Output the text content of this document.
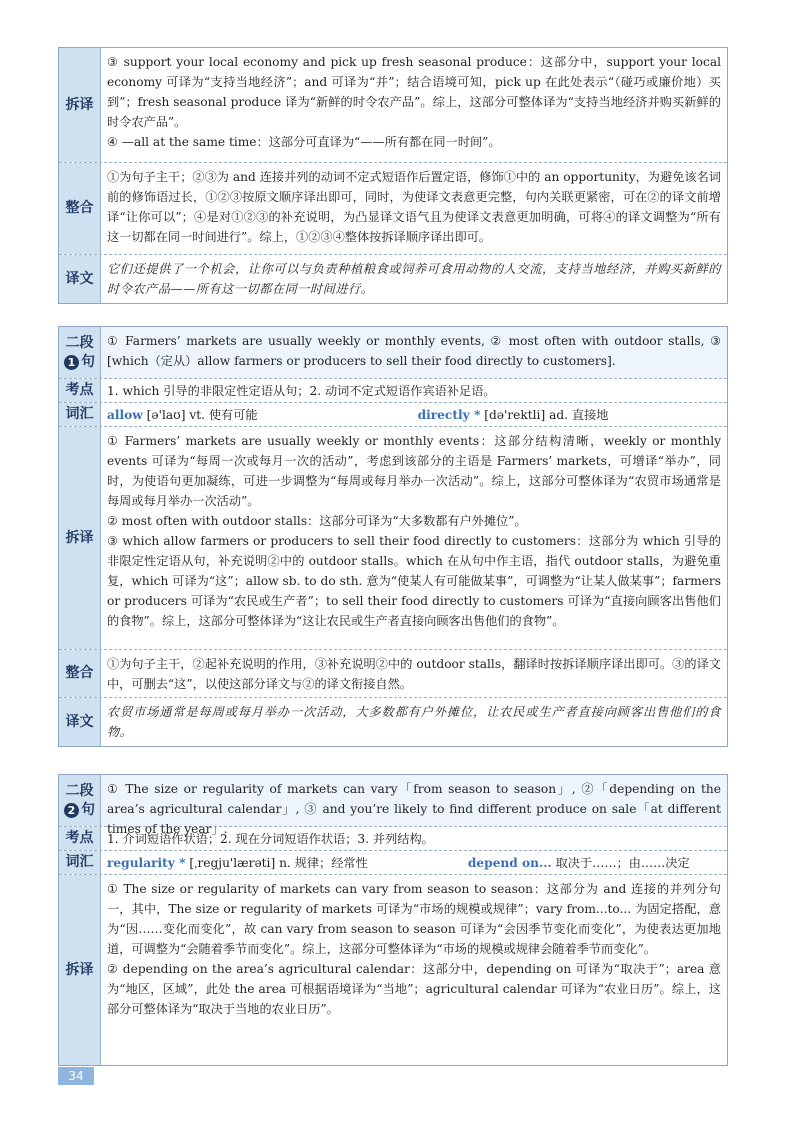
拆译

③ support your local economy and pick up fresh seasonal produce：这部分中，support your local economy 可译为“支持当地经济”；and 可译为“并”；结合语境可知，pick up 在此处表示“（碰巧或廉价地）买到”；fresh seasonal produce 译为“新鲜的时令农产品”。综上，这部分可整体译为“支持当地经济并购买新鲜的时令农产品”。

④ —all at the same time：这部分可直译为“——所有都在同一时间”。

整合
①为句子主干；②③为 and 连接并列的动词不定式短语作后置定语，修饰①中的 an opportunity，为避免该名词前的修饰语过长，①②③按原文顺序译出即可，同时，为使译文表意更完整，句内关联更紧密，可在②的译文前增译“让你可以”；④是对①②③的补充说明，为凸显译文语气且为使译文表意更加明确，可将④的译文调整为“所有这一切都在同一时间进行”。综上，①②③④整体按拆译顺序译出即可。
译文
它们还提供了一个机会，让你可以与负责种植粮食或饲养可食用动物的人交流，支持当地经济，并购买新鲜的时令农产品——所有这一切都在同一时间进行。
二段
1 句
① Farmers’ markets are usually weekly or monthly events, ② most often with outdoor stalls, ③ [which（定从）allow farmers or producers to sell their food directly to customers].
考点	1. which 引导的非限定性定语从句；2. 动词不定式短语作宾语补足语。
词汇	allow [ə'laʊ] vt. 使有可能	directly * [də'rektli] ad. 直接地
拆译

① Farmers’ markets are usually weekly or monthly events：这部分结构清晰，weekly or monthly events 可译为“每周一次或每月一次的活动”，考虑到该部分的主语是 Farmers’ markets，可增译“举办”，同时，为使语句更加凝练，可进一步调整为“每周或每月举办一次活动”。综上，这部分可整体译为“农贸市场通常是每周或每月举办一次活动”。

② most often with outdoor stalls：这部分可译为“大多数都有户外摊位”。

③ which allow farmers or producers to sell their food directly to customers：这部分为 which 引导的非限定性定语从句，补充说明②中的 outdoor stalls。which 在从句中作主语，指代 outdoor stalls，为避免重复，which 可译为“这”；allow sb. to do sth. 意为“使某人有可能做某事”，可调整为“让某人做某事”；farmers or producers 可译为“农民或生产者”；to sell their food directly to customers 可译为“直接向顾客出售他们的食物”。综上，这部分可整体译为“这让农民或生产者直接向顾客出售他们的食物”。

整合
①为句子主干，②起补充说明的作用，③补充说明②中的 outdoor stalls，翻译时按拆译顺序译出即可。③的译文中，可删去“这”，以使这部分译文与②的译文衔接自然。
译文
农贸市场通常是每周或每月举办一次活动，大多数都有户外摊位，让农民或生产者直接向顾客出售他们的食物。
二段
2 句
① The size or regularity of markets can vary「from season to season」, ②「depending on the area’s agricultural calendar」, ③ and you’re likely to find different produce on sale「at different times of the year」.
考点	1. 介词短语作状语；2. 现在分词短语作状语；3. 并列结构。
词汇	regularity * [ˌregju'lærəti] n. 规律；经常性	depend on... 取决于……；由……决定
拆译

① The size or regularity of markets can vary from season to season：这部分为 and 连接的并列分句一，其中，The size or regularity of markets 可译为“市场的规模或规律”；vary from...to... 为固定搭配，意为“因……变化而变化”，故 can vary from season to season 可译为“会因季节变化而变化”，为使表达更加地道，可调整为“会随着季节而变化”。综上，这部分可整体译为“市场的规模或规律会随着季节而变化”。

② depending on the area’s agricultural calendar：这部分中，depending on 可译为“取决于”；area 意为“地区，区域”，此处 the area 可根据语境译为“当地”；agricultural calendar 可译为“农业日历”。综上，这部分可整体译为“取决于当地的农业日历”。

34
